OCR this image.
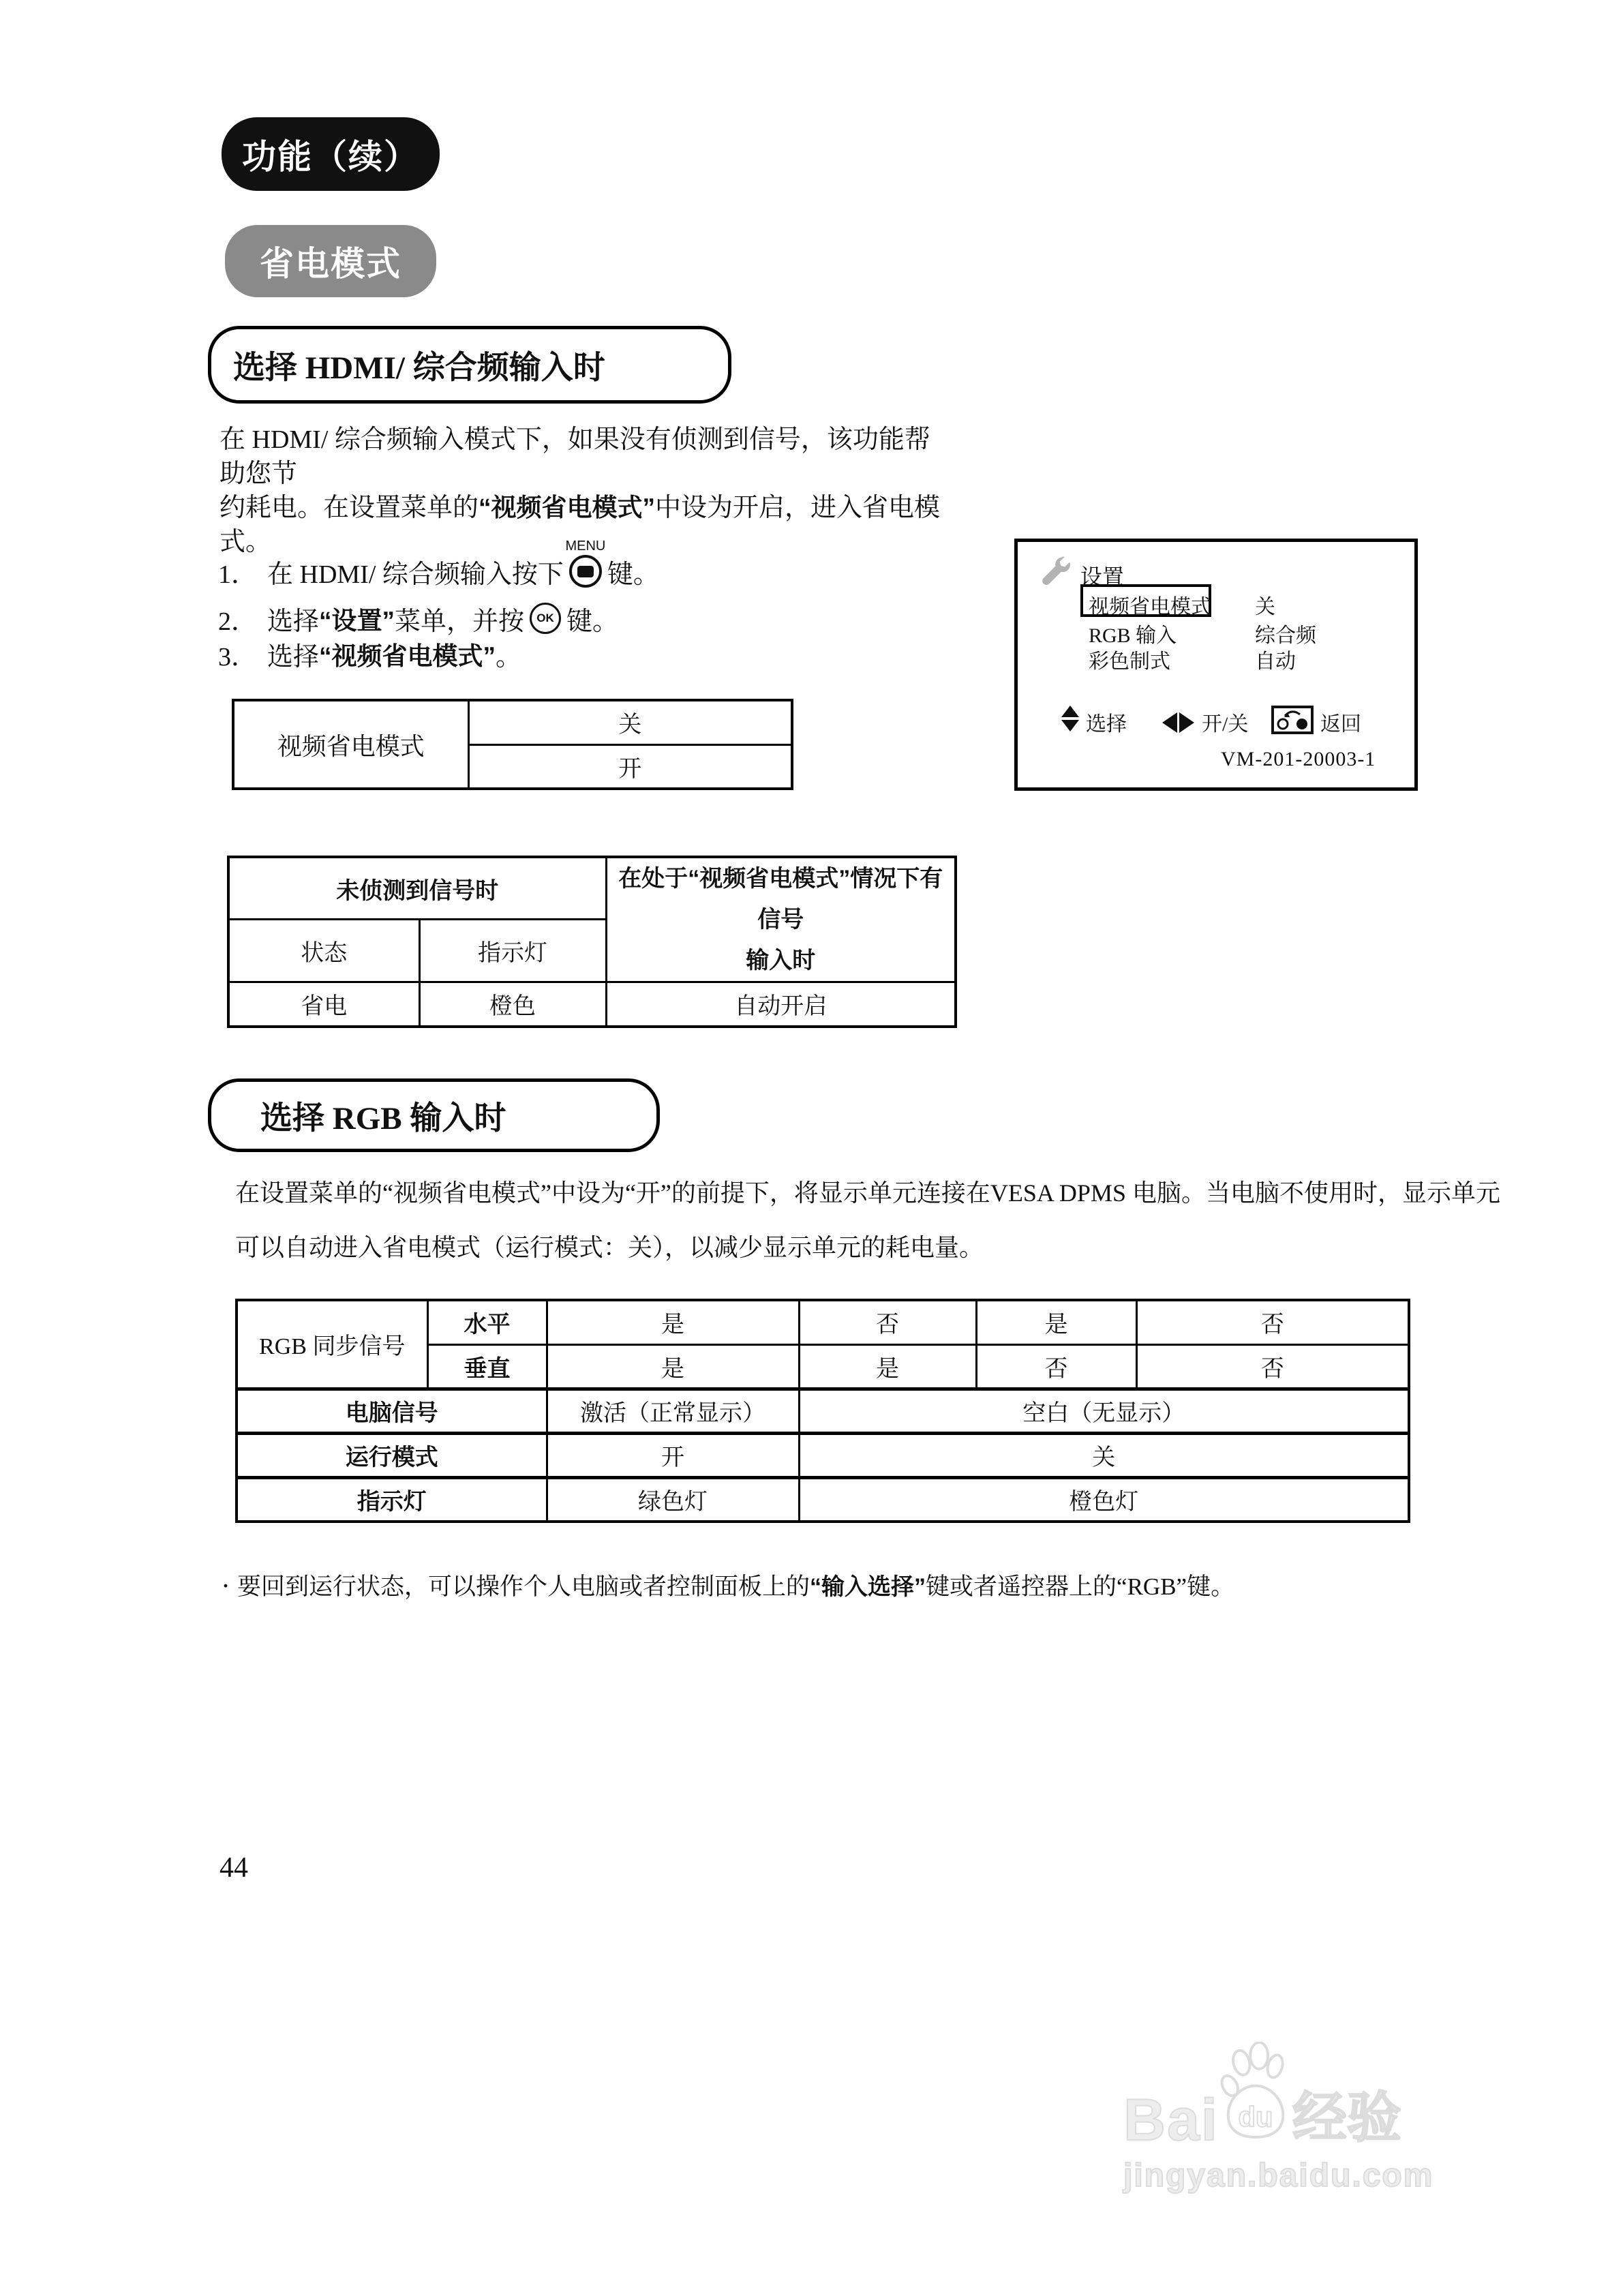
功能（续）
省电模式
选择 HDMI/ 综合频输入时
在 HDMI/ 综合频输入模式下，如果没有侦测到信号，该功能帮助您节
约耗电。在设置菜单的“视频省电模式”中设为开启，进入省电模式。
1． 在 HDMI/ 综合频输入按下
MENU
键。
2． 选择 “设置” 菜单，并按	OK 键。
3． 选择 “视频省电模式” 。
设置
视频省电模式 关
RGB 输入	综合频
彩色制式	自动
选择	开/关	返回
VM-201-20003-1
视频省电模式	关
开
未侦测到信号时		在处于“视频省电模式”情况下有信号
输入时

状态	指示灯	
省电	橙色	自动开启
选择 RGB 输入时
在设置菜单的“视频省电模式”中设为“开”的前提下，将显示单元连接在VESA DPMS 电脑。当电脑不使用时，显示单元
可以自动进入省电模式（运行模式：关），以减少显示单元的耗电量。
RGB 同步信号	水平	是	否	是	否
	垂直	是	是	否	否
电脑信号		激活（正常显示）	空白（无显示）		
运行模式		开	关		
指示灯		绿色灯	橙色灯		
・ 要回到运行状态，可以操作个人电脑或者控制面板上的“输入选择”键或者遥控器上的“RGB”键。
44
Bai du 经验
jingyan.baidu.com
